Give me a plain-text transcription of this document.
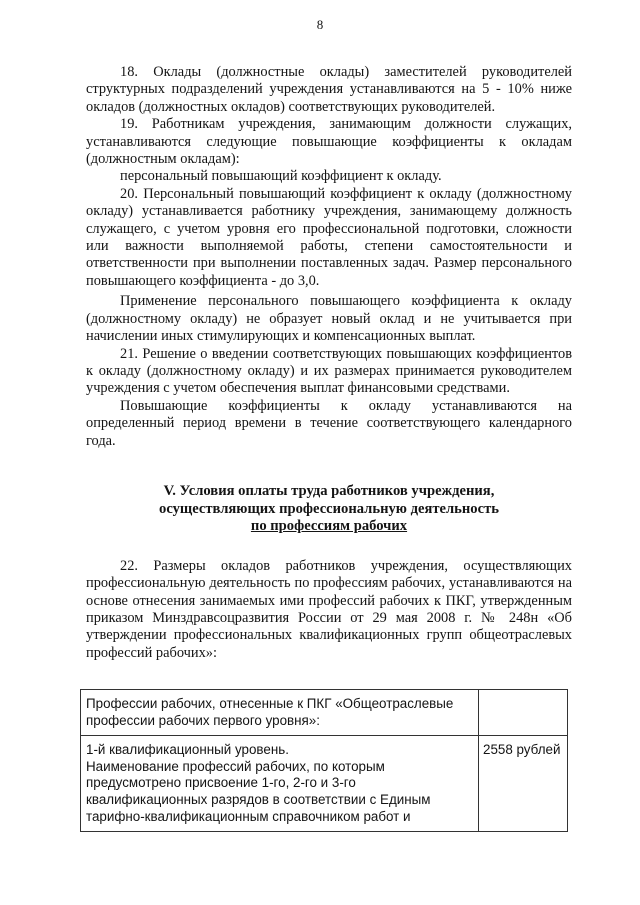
8

18. Оклады (должностные оклады) заместителей руководителей структурных подразделений учреждения устанавливаются на 5 - 10% ниже окладов (должностных окладов) соответствующих руководителей.

19. Работникам учреждения, занимающим должности служащих, устанавливаются следующие повышающие коэффициенты к окладам (должностным окладам):

персональный повышающий коэффициент к окладу.

20. Персональный повышающий коэффициент к окладу (должностному окладу) устанавливается работнику учреждения, занимающему должность служащего, с учетом уровня его профессиональной подготовки, сложности или важности выполняемой работы, степени самостоятельности и ответственности при выполнении поставленных задач. Размер персонального повышающего коэффициента - до 3,0.

Применение персонального повышающего коэффициента к окладу (должностному окладу) не образует новый оклад и не учитывается при начислении иных стимулирующих и компенсационных выплат.

21. Решение о введении соответствующих повышающих коэффициентов к окладу (должностному окладу) и их размерах принимается руководителем учреждения с учетом обеспечения выплат финансовыми средствами.

Повышающие коэффициенты к окладу устанавливаются на определенный период времени в течение соответствующего календарного года.

V. Условия оплаты труда работников учреждения,
осуществляющих профессиональную деятельность
по профессиям рабочих

22. Размеры окладов работников учреждения, осуществляющих профессиональную деятельность по профессиям рабочих, устанавливаются на основе отнесения занимаемых ими профессий рабочих к ПКГ, утвержденным приказом Минздравсоцразвития России от 29 мая 2008 г. № 248н «Об утверждении профессиональных квалификационных групп общеотраслевых профессий рабочих»:

Профессии рабочих, отнесенные к ПКГ «Общеотраслевые профессии рабочих первого уровня»:	

1-й квалификационный уровень.
Наименование профессий рабочих, по которым предусмотрено присвоение 1-го, 2-го и 3-го квалификационных разрядов в соответствии с Единым тарифно-квалификационным справочником работ и	2558 рублей
